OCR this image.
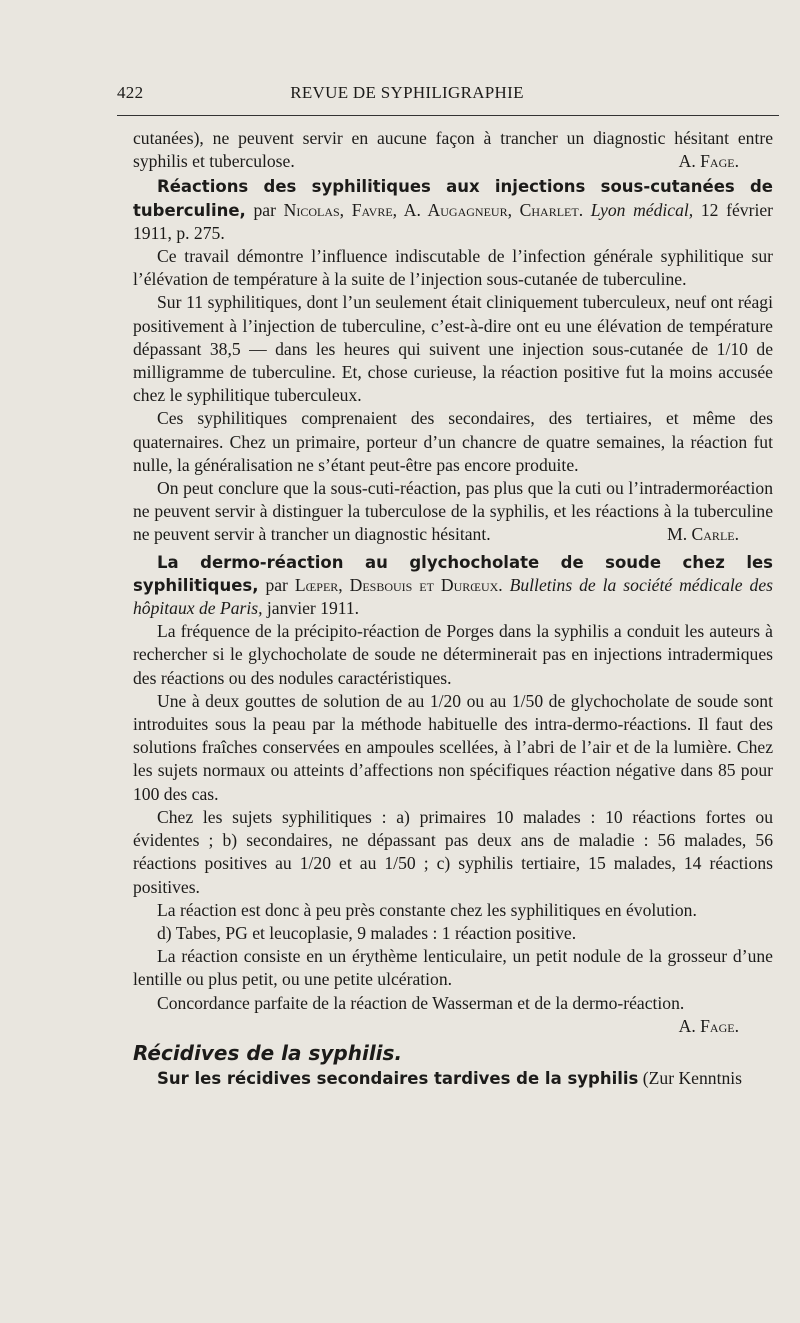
422	REVUE DE SYPHILIGRAPHIE

cutanées), ne peuvent servir en aucune façon à trancher un diagnostic hésitant entre syphilis et tuberculose.	A. Fage.

Réactions des syphilitiques aux injections sous-cutanées de tuberculine, par Nicolas, Favre, A. Augagneur, Charlet. Lyon médical, 12 février 1911, p. 275.

Ce travail démontre l’influence indiscutable de l’infection générale syphilitique sur l’élévation de température à la suite de l’injection sous-cutanée de tuberculine.

Sur 11 syphilitiques, dont l’un seulement était cliniquement tuberculeux, neuf ont réagi positivement à l’injection de tuberculine, c’est-à-dire ont eu une élévation de température dépassant 38,5 — dans les heures qui suivent une injection sous-cutanée de 1/10 de milligramme de tuberculine. Et, chose curieuse, la réaction positive fut la moins accusée chez le syphilitique tuberculeux.

Ces syphilitiques comprenaient des secondaires, des tertiaires, et même des quaternaires. Chez un primaire, porteur d’un chancre de quatre semaines, la réaction fut nulle, la généralisation ne s’étant peut-être pas encore produite.

On peut conclure que la sous-cuti-réaction, pas plus que la cuti ou l’intradermoréaction ne peuvent servir à distinguer la tuberculose de la syphilis, et les réactions à la tuberculine ne peuvent servir à trancher un diagnostic hésitant.	M. Carle.

La dermo-réaction au glychocholate de soude chez les syphilitiques, par Lœper, Desbouis et Durœux. Bulletins de la société médicale des hôpitaux de Paris, janvier 1911.

La fréquence de la précipito-réaction de Porges dans la syphilis a conduit les auteurs à rechercher si le glychocholate de soude ne déterminerait pas en injections intradermiques des réactions ou des nodules caractéristiques.

Une à deux gouttes de solution de au 1/20 ou au 1/50 de glychocholate de soude sont introduites sous la peau par la méthode habituelle des intra-dermo-réactions. Il faut des solutions fraîches conservées en ampoules scellées, à l’abri de l’air et de la lumière. Chez les sujets normaux ou atteints d’affections non spécifiques réaction négative dans 85 pour 100 des cas.

Chez les sujets syphilitiques : a) primaires 10 malades : 10 réactions fortes ou évidentes ; b) secondaires, ne dépassant pas deux ans de maladie : 56 malades, 56 réactions positives au 1/20 et au 1/50 ; c) syphilis tertiaire, 15 malades, 14 réactions positives.

La réaction est donc à peu près constante chez les syphilitiques en évolution.

d) Tabes, PG et leucoplasie, 9 malades : 1 réaction positive.

La réaction consiste en un érythème lenticulaire, un petit nodule de la grosseur d’une lentille ou plus petit, ou une petite ulcération.

Concordance parfaite de la réaction de Wasserman et de la dermo-réaction.
A. Fage.

Récidives de la syphilis.

Sur les récidives secondaires tardives de la syphilis (Zur Kenntnis
